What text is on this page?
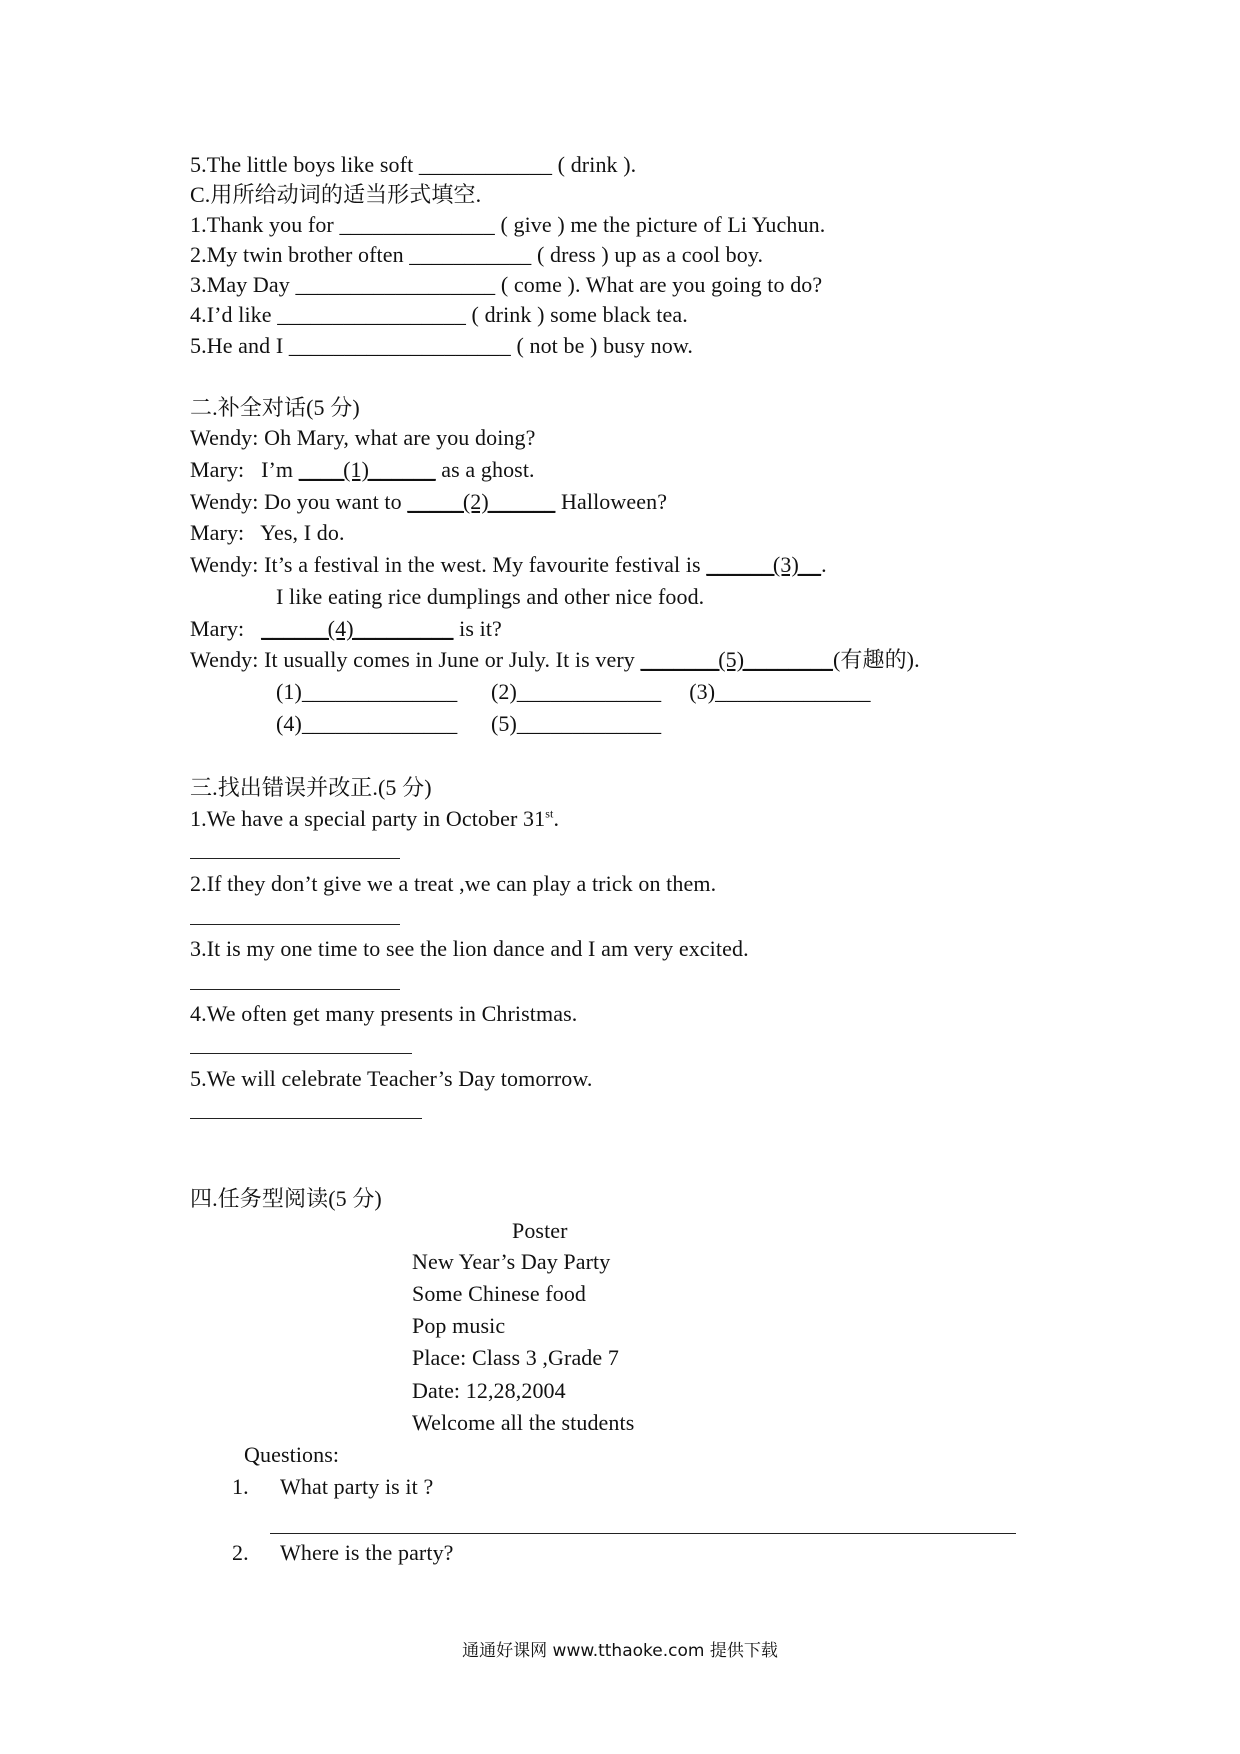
5.The little boys like soft ____________ ( drink ).
C.用所给动词的适当形式填空.
1.Thank you for ______________ ( give ) me the picture of Li Yuchun.
2.My twin brother often ___________ ( dress ) up as a cool boy.
3.May Day __________________ ( come ). What are you going to do?
4.I’d like _________________ ( drink ) some black tea.
5.He and I ____________________ ( not be ) busy now.
二.补全对话(5 分)
Wendy: Oh Mary, what are you doing?
Mary:   I’m ____(1)______ as a ghost.
Wendy: Do you want to _____(2)______ Halloween?
Mary:   Yes, I do.
Wendy: It’s a festival in the west. My favourite festival is ______(3)__.
I like eating rice dumplings and other nice food.
Mary:   ______(4)_________ is it?
Wendy: It usually comes in June or July. It is very _______(5)________(有趣的).
(1)______________      (2)_____________     (3)______________
(4)______________      (5)_____________
三.找出错误并改正.(5 分)
1.We have a special party in October 31st.
2.If they don’t give we a treat ,we can play a trick on them.
3.It is my one time to see the lion dance and I am very excited.
4.We often get many presents in Christmas.
5.We will celebrate Teacher’s Day tomorrow.
四.任务型阅读(5 分)
Poster
New Year’s Day Party
Some Chinese food
Pop music
Place: Class 3 ,Grade 7
Date: 12,28,2004
Welcome all the students
Questions:
1. What party is it ?
2. Where is the party?
通通好课网 www.tthaoke.com 提供下载
